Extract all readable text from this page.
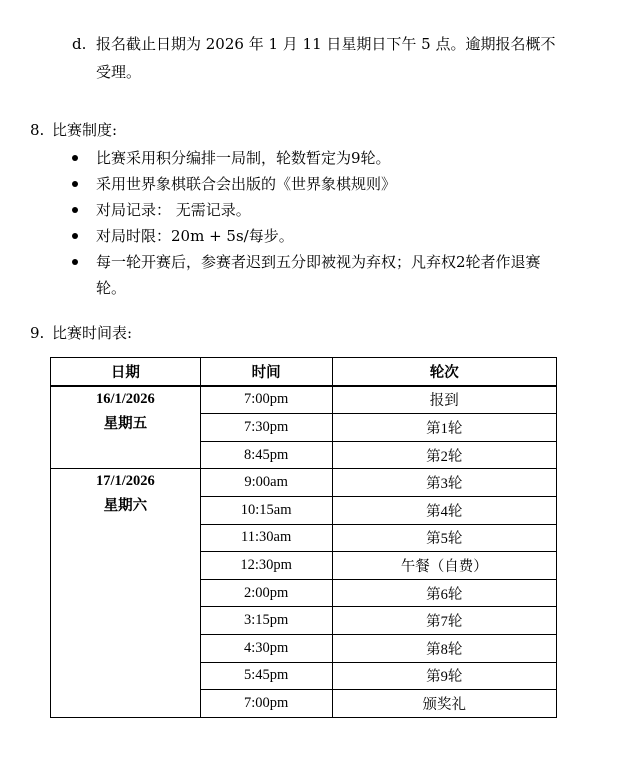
d. 报名截止日期为 2026 年 1 月 11 日星期日下午 5 点。逾期报名概不
受理。
8. 比赛制度:
比赛采用积分编排一局制，轮数暂定为9轮。
采用世界象棋联合会出版的《世界象棋规则》
对局记录： 无需记录。
对局时限：20m + 5s/每步。
每一轮开赛后，参赛者迟到五分即被视为弃权；凡弃权2轮者作退赛
轮。
9. 比赛时间表:
日期	时间	轮次

16/1/2026
星期五	7:00pm	报到
	7:30pm	第1轮
	8:45pm	第2轮

17/1/2026
星期六	9:00am	第3轮
	10:15am	第4轮
	11:30am	第5轮
	12:30pm	午餐（自费）
	2:00pm	第6轮
	3:15pm	第7轮
	4:30pm	第8轮
	5:45pm	第9轮
	7:00pm	颁奖礼
